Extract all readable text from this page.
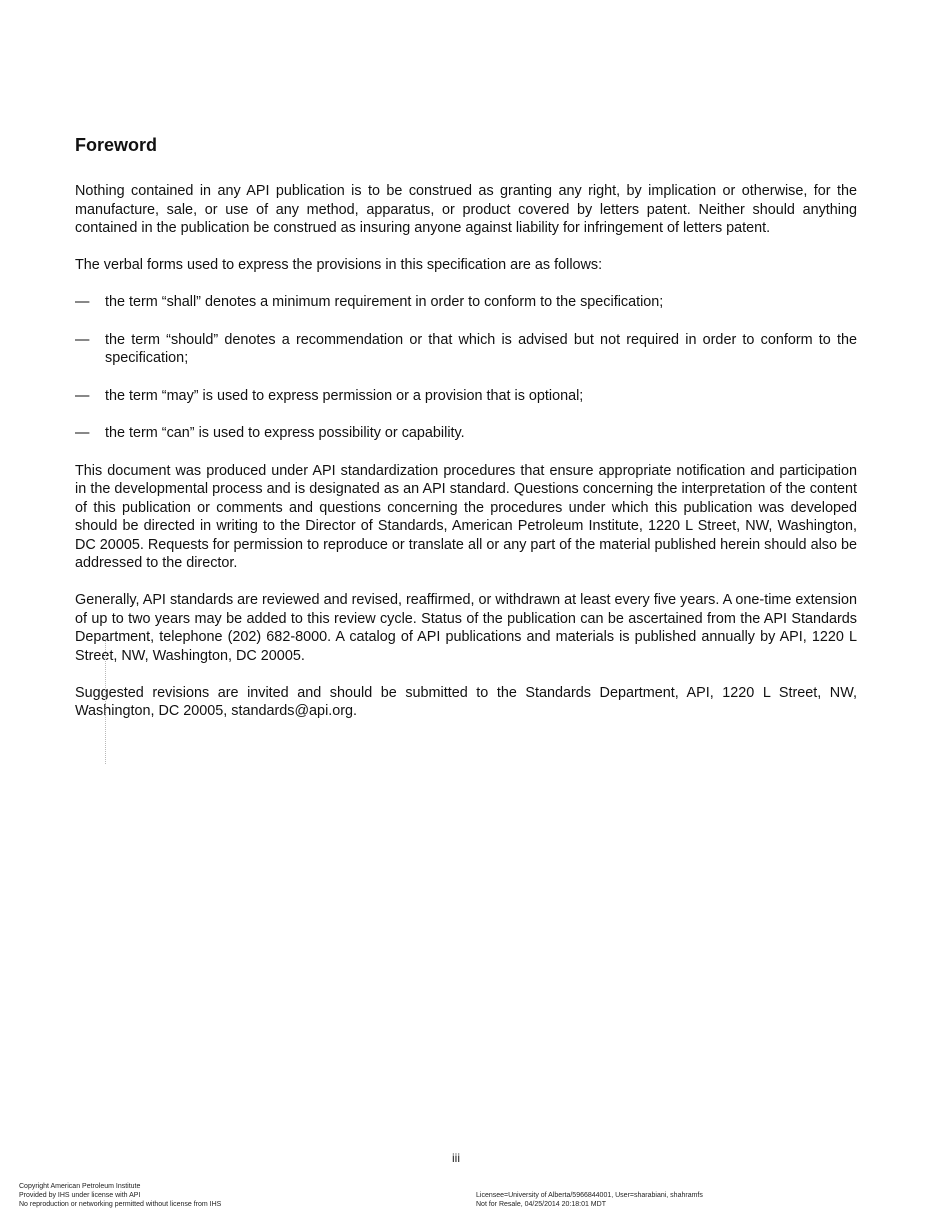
Foreword

Nothing contained in any API publication is to be construed as granting any right, by implication or otherwise, for the manufacture, sale, or use of any method, apparatus, or product covered by letters patent. Neither should anything contained in the publication be construed as insuring anyone against liability for infringement of letters patent.

The verbal forms used to express the provisions in this specification are as follows:

— the term “shall” denotes a minimum requirement in order to conform to the specification;
— the term “should” denotes a recommendation or that which is advised but not required in order to conform to the specification;
— the term “may” is used to express permission or a provision that is optional;
— the term “can” is used to express possibility or capability.

This document was produced under API standardization procedures that ensure appropriate notification and participation in the developmental process and is designated as an API standard. Questions concerning the interpretation of the content of this publication or comments and questions concerning the procedures under which this publication was developed should be directed in writing to the Director of Standards, American Petroleum Institute, 1220 L Street, NW, Washington, DC 20005. Requests for permission to reproduce or translate all or any part of the material published herein should also be addressed to the director.

Generally, API standards are reviewed and revised, reaffirmed, or withdrawn at least every five years. A one-time extension of up to two years may be added to this review cycle. Status of the publication can be ascertained from the API Standards Department, telephone (202) 682-8000. A catalog of API publications and materials is published annually by API, 1220 L Street, NW, Washington, DC 20005.

Suggested revisions are invited and should be submitted to the Standards Department, API, 1220 L Street, NW, Washington, DC 20005, standards@api.org.

iii
Copyright American Petroleum Institute
Provided by IHS under license with API
No reproduction or networking permitted without license from IHS
Licensee=University of Alberta/5966844001, User=sharabiani, shahramfs
Not for Resale, 04/25/2014 20:18:01 MDT
